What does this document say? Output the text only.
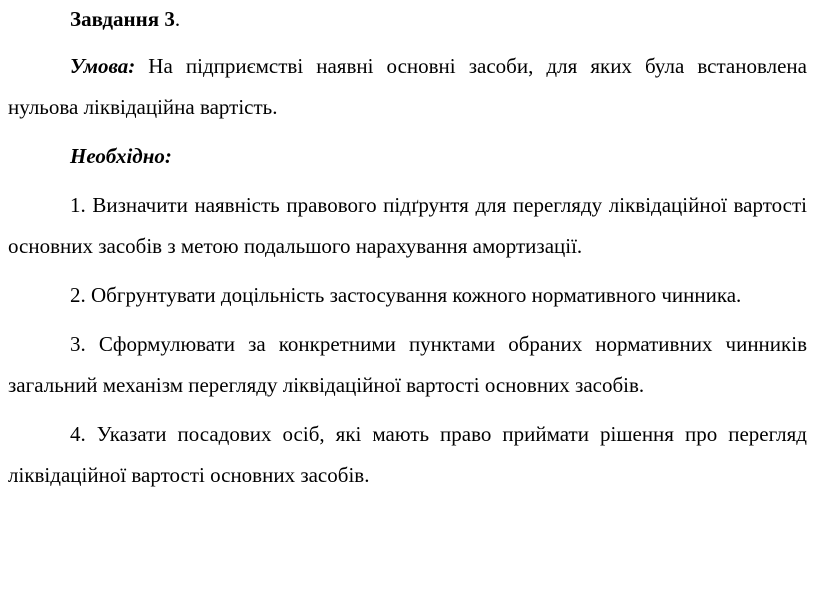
Завдання 3.

Умова: На підприємстві наявні основні засоби, для яких була встановлена нульова ліквідаційна вартість.

Необхідно:

1. Визначити наявність правового підґрунтя для перегляду ліквідаційної вартості основних засобів з метою подальшого нарахування амортизації.

2. Обгрунтувати доцільність застосування кожного нормативного чинника.

3. Сформулювати за конкретними пунктами обраних нормативних чинників загальний механізм перегляду ліквідаційної вартості основних засобів.

4. Указати посадових осіб, які мають право приймати рішення про перегляд ліквідаційної вартості основних засобів.
